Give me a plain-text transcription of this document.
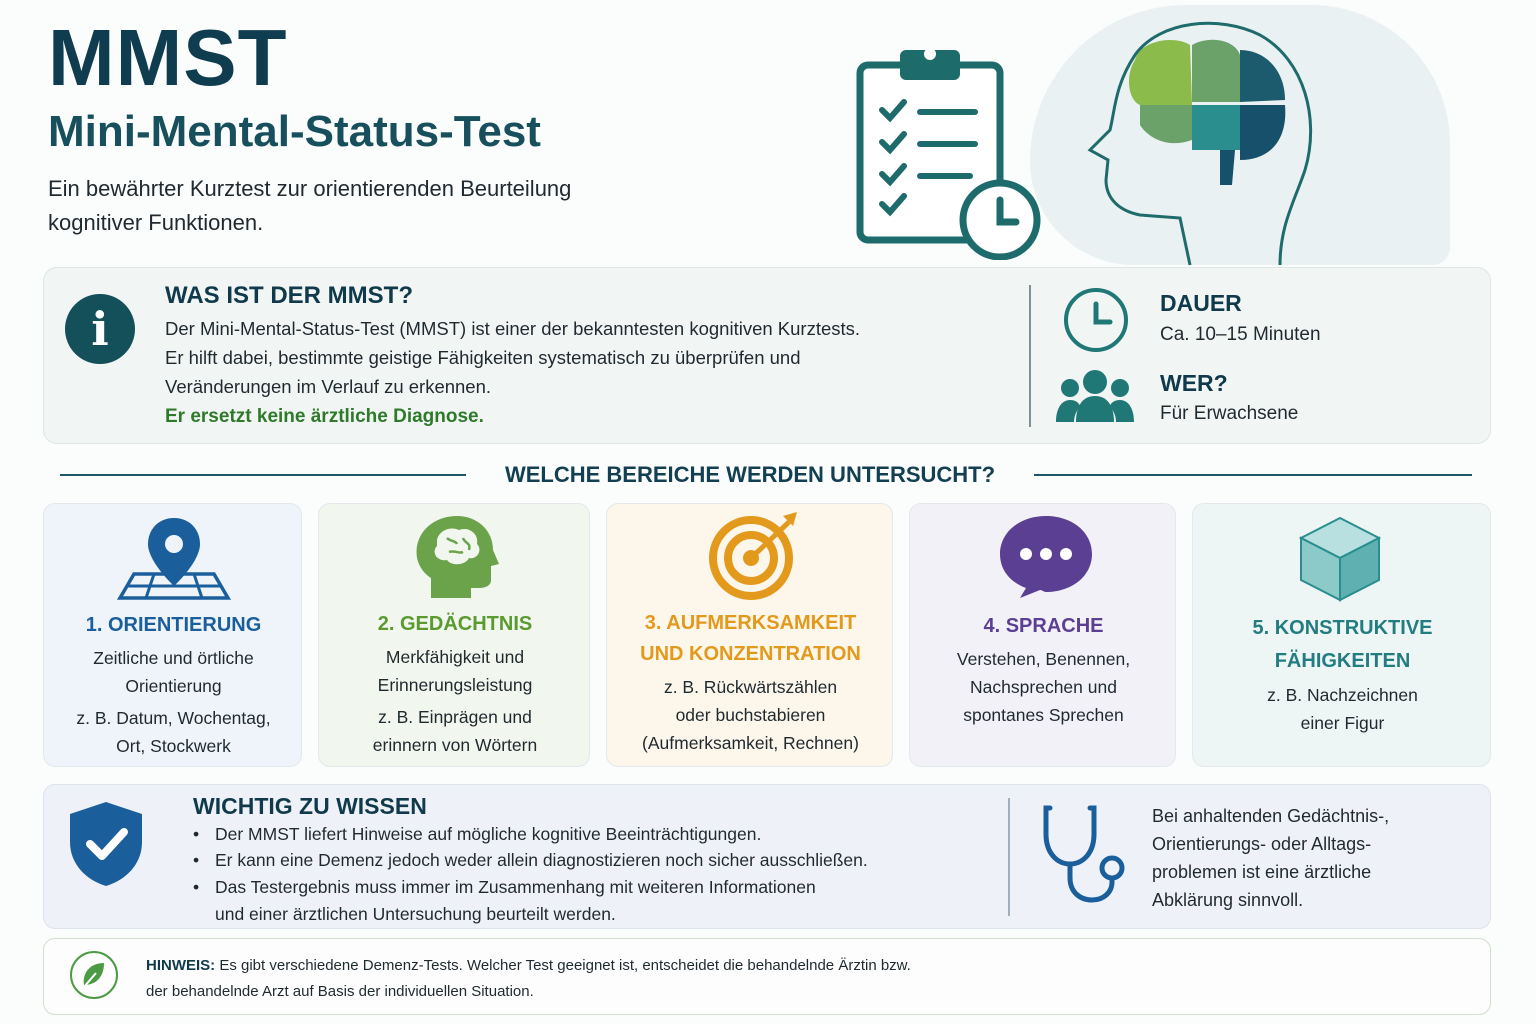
MMST
Mini-Mental-Status-Test
Ein bewährter Kurztest zur orientierenden Beurteilung
kognitiver Funktionen.
i
WAS IST DER MMST?
Der Mini-Mental-Status-Test (MMST) ist einer der bekanntesten kognitiven Kurztests.
Er hilft dabei, bestimmte geistige Fähigkeiten systematisch zu überprüfen und
Veränderungen im Verlauf zu erkennen.
Er ersetzt keine ärztliche Diagnose.
DAUER
Ca. 10–15 Minuten
WER?
Für Erwachsene
WELCHE BEREICHE WERDEN UNTERSUCHT?
1. ORIENTIERUNG
Zeitliche und örtliche
Orientierung
z. B. Datum, Wochentag,
Ort, Stockwerk
2. GEDÄCHTNIS
Merkfähigkeit und
Erinnerungsleistung
z. B. Einprägen und
erinnern von Wörtern
3. AUFMERKSAMKEIT
UND KONZENTRATION
z. B. Rückwärtszählen
oder buchstabieren
(Aufmerksamkeit, Rechnen)
4. SPRACHE
Verstehen, Benennen,
Nachsprechen und
spontanes Sprechen
5. KONSTRUKTIVE
FÄHIGKEITEN
z. B. Nachzeichnen
einer Figur
WICHTIG ZU WISSEN
• Der MMST liefert Hinweise auf mögliche kognitive Beeinträchtigungen.
• Er kann eine Demenz jedoch weder allein diagnostizieren noch sicher ausschließen.
• Das Testergebnis muss immer im Zusammenhang mit weiteren Informationen
und einer ärztlichen Untersuchung beurteilt werden.
Bei anhaltenden Gedächtnis-,
Orientierungs- oder Alltags-
problemen ist eine ärztliche
Abklärung sinnvoll.
HINWEIS: Es gibt verschiedene Demenz-Tests. Welcher Test geeignet ist, entscheidet die behandelnde Ärztin bzw.
der behandelnde Arzt auf Basis der individuellen Situation.
